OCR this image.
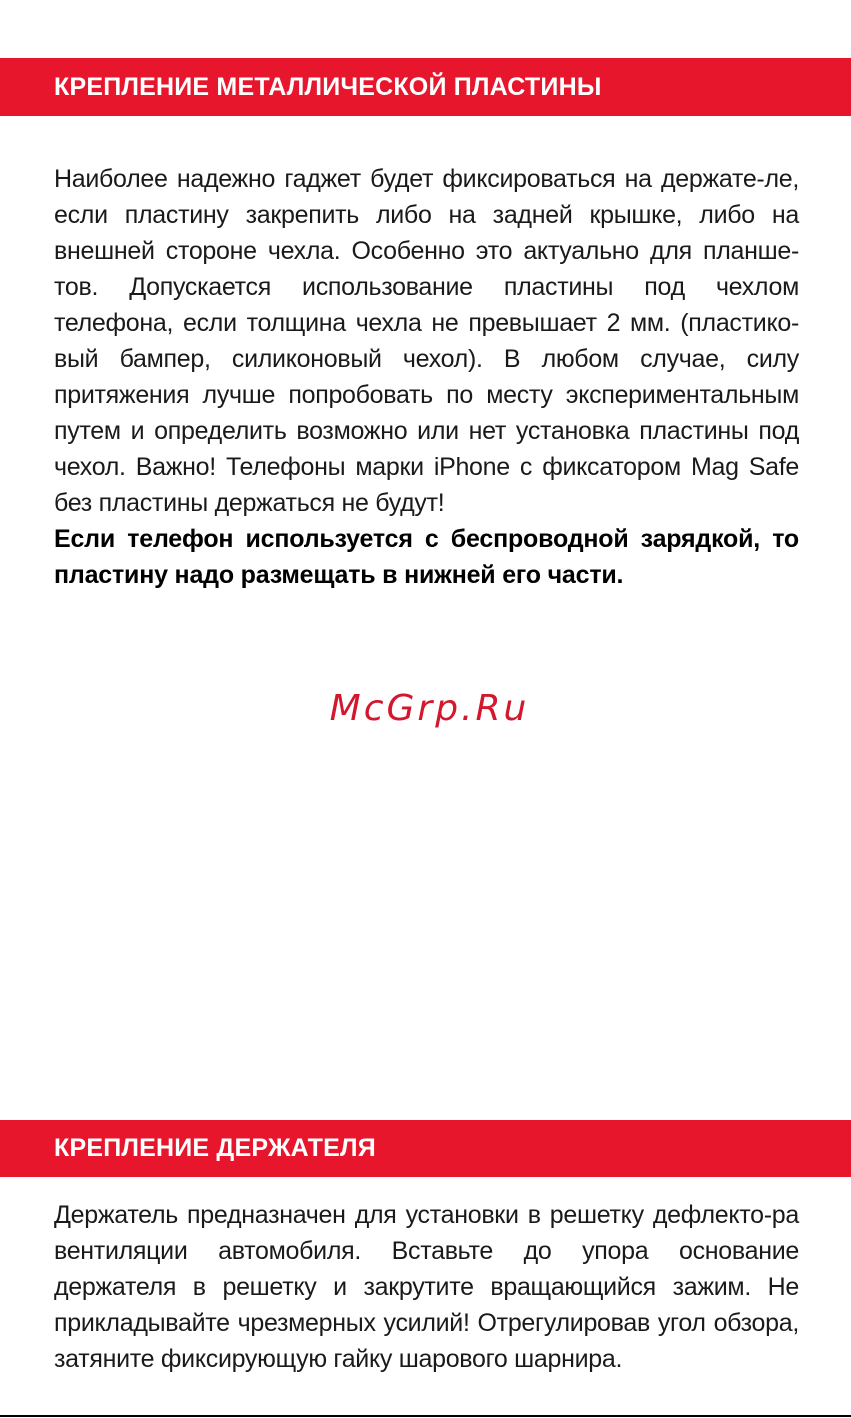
КРЕПЛЕНИЕ МЕТАЛЛИЧЕСКОЙ ПЛАСТИНЫ

Наиболее надежно гаджет будет фиксироваться на держате-ле, если пластину закрепить либо на задней крышке, либо на внешней стороне чехла. Особенно это актуально для планше-тов. Допускается использование пластины под чехлом телефона, если толщина чехла не превышает 2 мм. (пластико-вый бампер, силиконовый чехол). В любом случае, силу притяжения лучше попробовать по месту экспериментальным путем и определить возможно или нет установка пластины под чехол. Важно! Телефоны марки iPhone с фиксатором Mag Safe без пластины держаться не будут!

Если телефон используется с беспроводной зарядкой, то пластину надо размещать в нижней его части.

McGrp.Ru
КРЕПЛЕНИЕ ДЕРЖАТЕЛЯ

Держатель предназначен для установки в решетку дефлекто-ра вентиляции автомобиля. Вставьте до упора основание держателя в решетку и закрутите вращающийся зажим. Не прикладывайте чрезмерных усилий! Отрегулировав угол обзора, затяните фиксирующую гайку шарового шарнира.
